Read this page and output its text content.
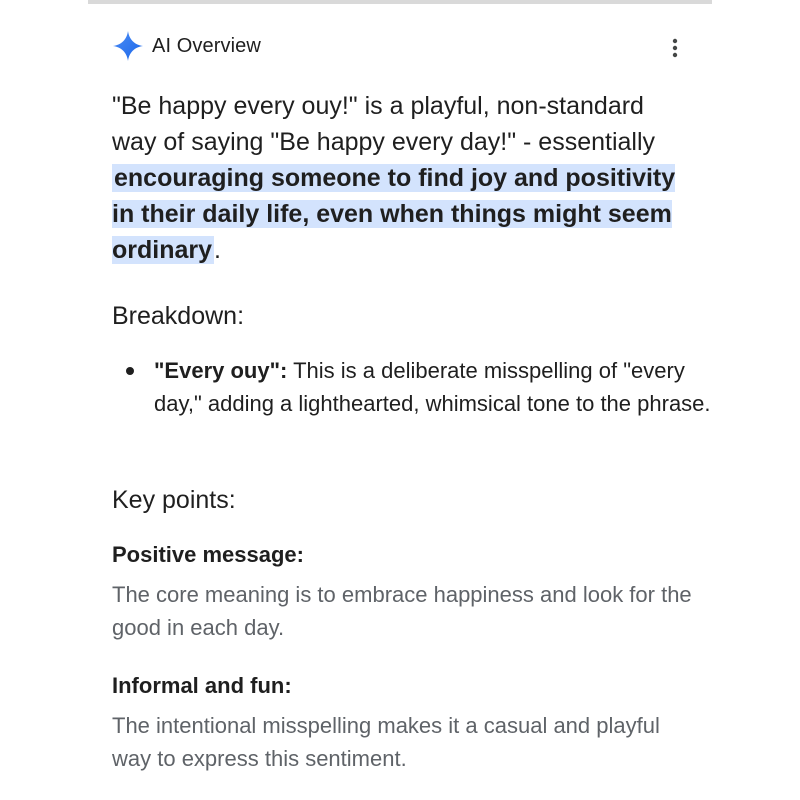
AI Overview
"Be happy every ouy!" is a playful, non-standard way of saying "Be happy every day!" - essentially encouraging someone to find joy and positivity in their daily life, even when things might seem ordinary.
Breakdown:
"Every ouy": This is a deliberate misspelling of "every day," adding a lighthearted, whimsical tone to the phrase.
Key points:
Positive message:
The core meaning is to embrace happiness and look for the good in each day.
Informal and fun:
The intentional misspelling makes it a casual and playful way to express this sentiment.
